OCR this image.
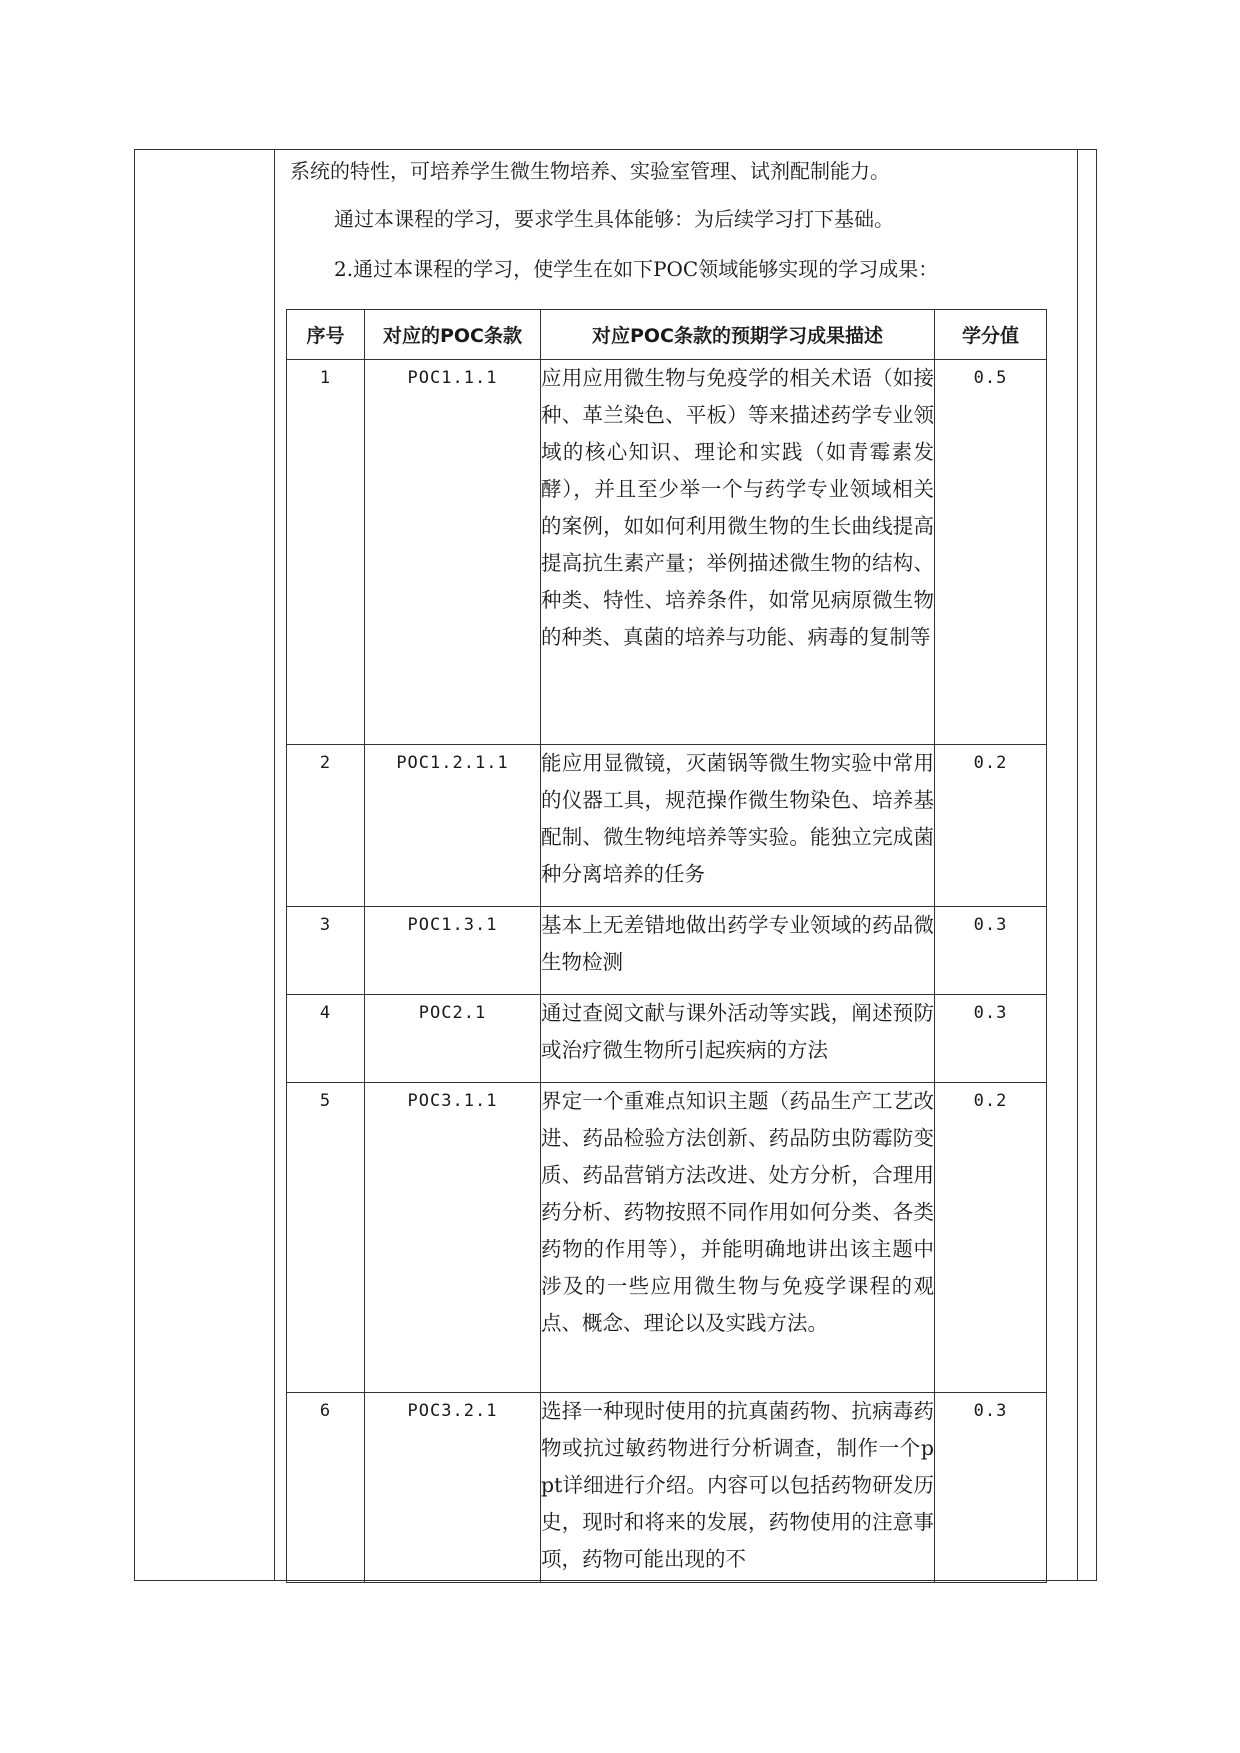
系统的特性，可培养学生微生物培养、实验室管理、试剂配制能力。
通过本课程的学习，要求学生具体能够：为后续学习打下基础。
2.通过本课程的学习，使学生在如下POC领域能够实现的学习成果：
序号	对应的POC条款	对应POC条款的预期学习成果描述	学分值
1	POC1.1.1	应用应用微生物与免疫学的相关术语（如接种、革兰染色、平板）等来描述药学专业领域的核心知识、理论和实践（如青霉素发酵），并且至少举一个与药学专业领域相关的案例，如如何利用微生物的生长曲线提高提高抗生素产量；举例描述微生物的结构、种类、特性、培养条件，如常见病原微生物的种类、真菌的培养与功能、病毒的复制等	0.5
2	POC1.2.1.1	能应用显微镜，灭菌锅等微生物实验中常用的仪器工具，规范操作微生物染色、培养基配制、微生物纯培养等实验。能独立完成菌种分离培养的任务	0.2
3	POC1.3.1	基本上无差错地做出药学专业领域的药品微生物检测	0.3
4	POC2.1	通过查阅文献与课外活动等实践，阐述预防或治疗微生物所引起疾病的方法	0.3
5	POC3.1.1	界定一个重难点知识主题（药品生产工艺改进、药品检验方法创新、药品防虫防霉防变质、药品营销方法改进、处方分析，合理用药分析、药物按照不同作用如何分类、各类药物的作用等），并能明确地讲出该主题中涉及的一些应用微生物与免疫学课程的观点、概念、理论以及实践方法。	0.2
6	POC3.2.1	选择一种现时使用的抗真菌药物、抗病毒药物或抗过敏药物进行分析调查，制作一个ppt详细进行介绍。内容可以包括药物研发历史，现时和将来的发展，药物使用的注意事项，药物可能出现的不	0.3
